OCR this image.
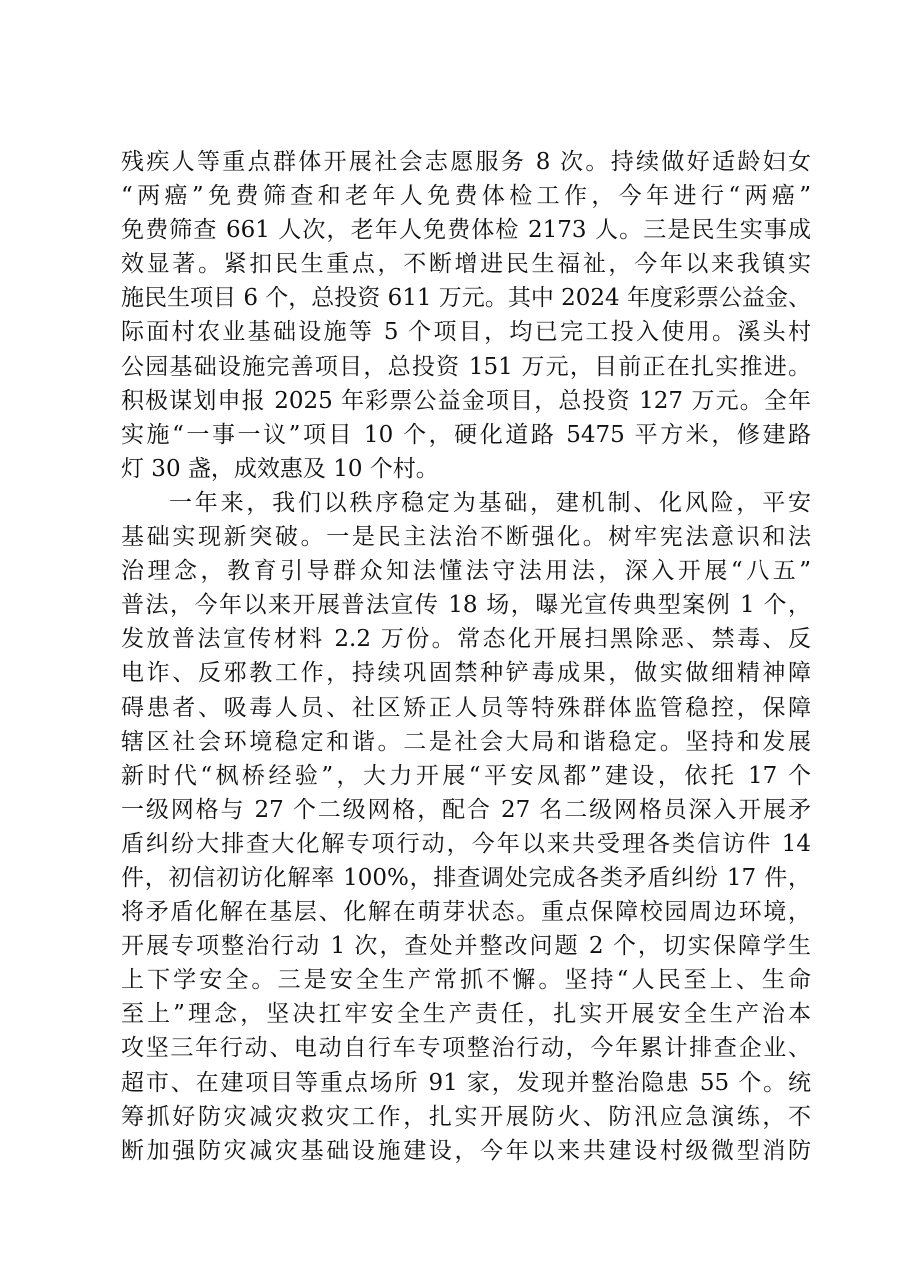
残疾人等重点群体开展社会志愿服务 8 次。持续做好适龄妇女
“两癌”免费筛查和老年人免费体检工作，今年进行“两癌”
免费筛查 661 人次，老年人免费体检 2173 人。三是民生实事成
效显著。紧扣民生重点，不断增进民生福祉，今年以来我镇实
施民生项目 6 个，总投资 611 万元。其中 2024 年度彩票公益金、
际面村农业基础设施等 5 个项目，均已完工投入使用。溪头村
公园基础设施完善项目，总投资 151 万元，目前正在扎实推进。
积极谋划申报 2025 年彩票公益金项目，总投资 127 万元。全年
实施“一事一议”项目 10 个，硬化道路 5475 平方米，修建路
灯 30 盏，成效惠及 10 个村。
一年来，我们以秩序稳定为基础，建机制、化风险，平安
基础实现新突破。一是民主法治不断强化。树牢宪法意识和法
治理念，教育引导群众知法懂法守法用法，深入开展“八五”
普法，今年以来开展普法宣传 18 场，曝光宣传典型案例 1 个，
发放普法宣传材料 2.2 万份。常态化开展扫黑除恶、禁毒、反
电诈、反邪教工作，持续巩固禁种铲毒成果，做实做细精神障
碍患者、吸毒人员、社区矫正人员等特殊群体监管稳控，保障
辖区社会环境稳定和谐。二是社会大局和谐稳定。坚持和发展
新时代“枫桥经验”，大力开展“平安凤都”建设，依托 17 个
一级网格与 27 个二级网格，配合 27 名二级网格员深入开展矛
盾纠纷大排查大化解专项行动，今年以来共受理各类信访件 14
件，初信初访化解率 100%，排查调处完成各类矛盾纠纷 17 件，
将矛盾化解在基层、化解在萌芽状态。重点保障校园周边环境，
开展专项整治行动 1 次，查处并整改问题 2 个，切实保障学生
上下学安全。三是安全生产常抓不懈。坚持“人民至上、生命
至上”理念，坚决扛牢安全生产责任，扎实开展安全生产治本
攻坚三年行动、电动自行车专项整治行动，今年累计排查企业、
超市、在建项目等重点场所 91 家，发现并整治隐患 55 个。统
筹抓好防灾减灾救灾工作，扎实开展防火、防汛应急演练，不
断加强防灾减灾基础设施建设，今年以来共建设村级微型消防
